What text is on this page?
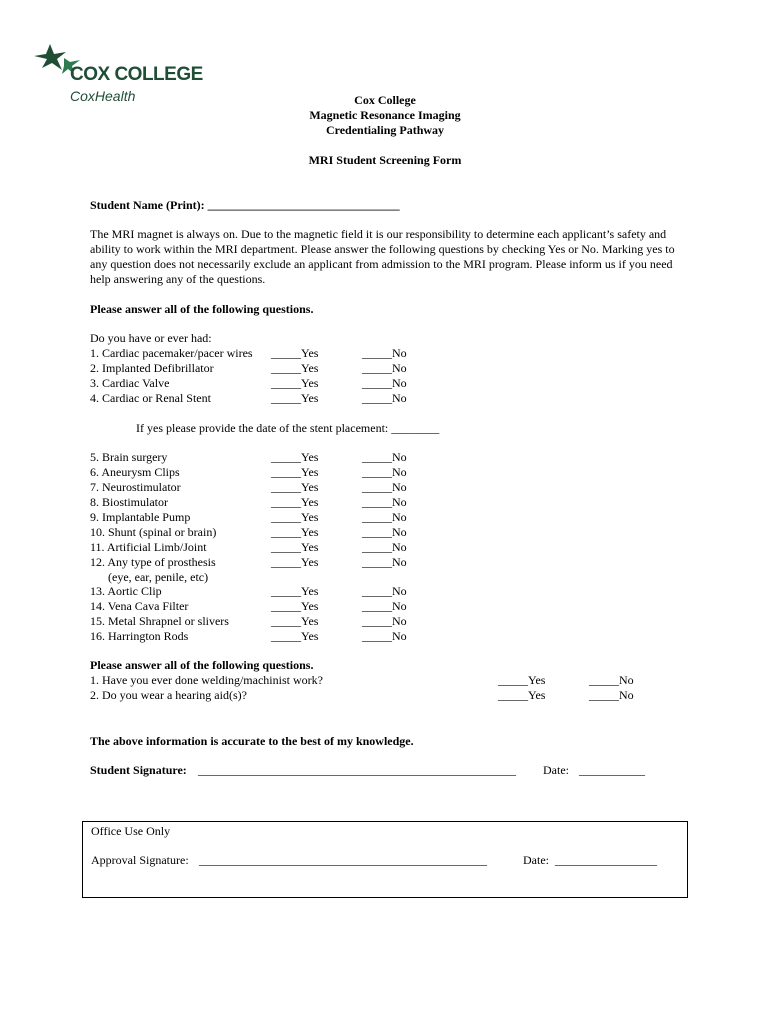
COX COLLEGE
CoxHealth	Cox College
Magnetic Resonance Imaging
Credentialing Pathway
MRI Student Screening Form
Student Name (Print): ________________________________
The MRI magnet is always on. Due to the magnetic field it is our responsibility to determine each applicant’s safety and ability to work within the MRI department. Please answer the following questions by checking Yes or No. Marking yes to any question does not necessarily exclude an applicant from admission to the MRI program. Please inform us if you need help answering any of the questions.
Please answer all of the following questions.
Do you have or ever had:
1. Cardiac pacemaker/pacer wires _____Yes	_____No
2. Implanted Defibrillator	_____Yes	_____No
3. Cardiac Valve	_____Yes	_____No
4. Cardiac or Renal Stent	_____Yes	_____No
If yes please provide the date of the stent placement: ________
5. Brain surgery	_____Yes	_____No
6. Aneurysm Clips	_____Yes	_____No
7. Neurostimulator	_____Yes	_____No
8. Biostimulator	_____Yes	_____No
9. Implantable Pump	_____Yes	_____No
10. Shunt (spinal or brain)	_____Yes	_____No
11. Artificial Limb/Joint	_____Yes	_____No
12. Any type of prosthesis	_____Yes	_____No
(eye, ear, penile, etc)
13. Aortic Clip	_____Yes	_____No
14. Vena Cava Filter	_____Yes	_____No
15. Metal Shrapnel or slivers	_____Yes	_____No
16. Harrington Rods	_____Yes	_____No
Please answer all of the following questions.
1. Have you ever done welding/machinist work?	_____Yes	_____No
2. Do you wear a hearing aid(s)?	_____Yes	_____No
The above information is accurate to the best of my knowledge.
Student Signature: _____________________________________________________ Date: ___________
Office Use Only
Approval Signature: ________________________________________________	Date: _________________
